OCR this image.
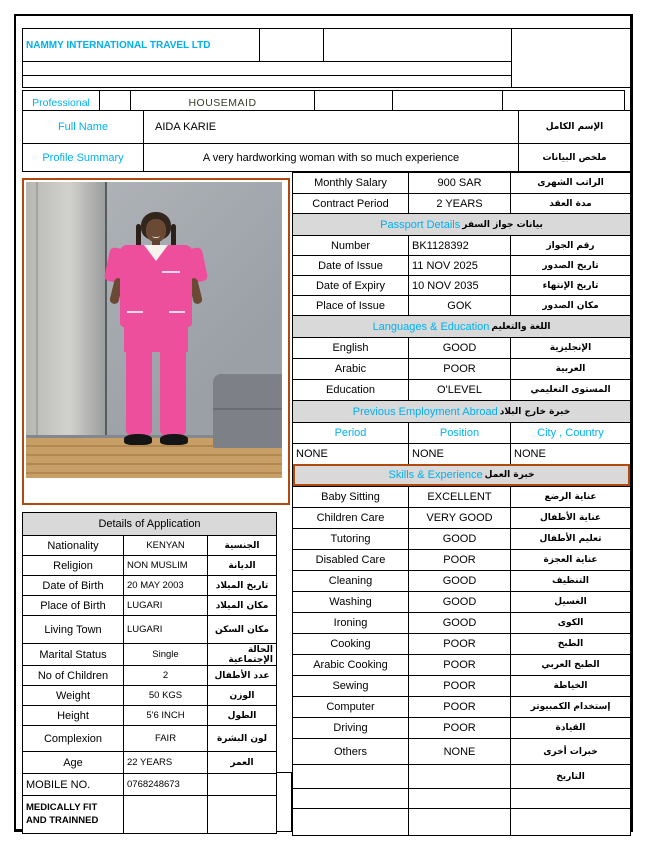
NAMMY INTERNATIONAL TRAVEL LTD
Professional	HOUSEMAID
Full Name	AIDA KARIE	الإسم الكامل
Profile Summary	A very hardworking woman with so much experience	ملخص البيانات
Details of Application
Nationality	KENYAN	الجنسية
Religion	NON MUSLIM	الديانة
Date of Birth	20 MAY 2003	تاريخ الميلاد
Place of Birth	LUGARI	مكان الميلاد
Living Town	LUGARI	مكان السكن
Marital Status	Single	الحالة الإجتماعية
No of Children	2	عدد الأطفال
Weight	50 KGS	الوزن
Height	5'6 INCH	الطول
Complexion	FAIR	لون البشرة
Age	22 YEARS	العمر
MOBILE NO.	0768248673
MEDICALLY FIT AND TRAINNED
Monthly Salary	900 SAR	الراتب الشهرى
Contract Period	2 YEARS	مدة العقد
Passport Details بيانات جواز السفر
Number	BK1128392	رقم الجواز
Date of Issue	11 NOV 2025	تاريخ الصدور
Date of Expiry	10 NOV 2035	تاريخ الإنتهاء
Place of Issue	GOK	مكان الصدور
Languages & Education اللغة والتعليم
English	GOOD	الإنجليزية
Arabic	POOR	العربية
Education	O'LEVEL	المستوى التعليمي
Previous Employment Abroad خبرة خارج البلاد
Period	Position	City , Country
NONE	NONE	NONE
Skills & Experience خبرة العمل
Baby Sitting	EXCELLENT	عناية الرضع
Children Care	VERY GOOD	عناية الأطفال
Tutoring	GOOD	تعليم الأطفال
Disabled Care	POOR	عناية العجزة
Cleaning	GOOD	التنظيف
Washing	GOOD	الغسيل
Ironing	GOOD	الكوى
Cooking	POOR	الطبخ
Arabic Cooking	POOR	الطبخ العربي
Sewing	POOR	الخياطة
Computer	POOR	إستخدام الكمبيوتر
Driving	POOR	القيادة
Others	NONE	خبرات أخرى
التاريخ
